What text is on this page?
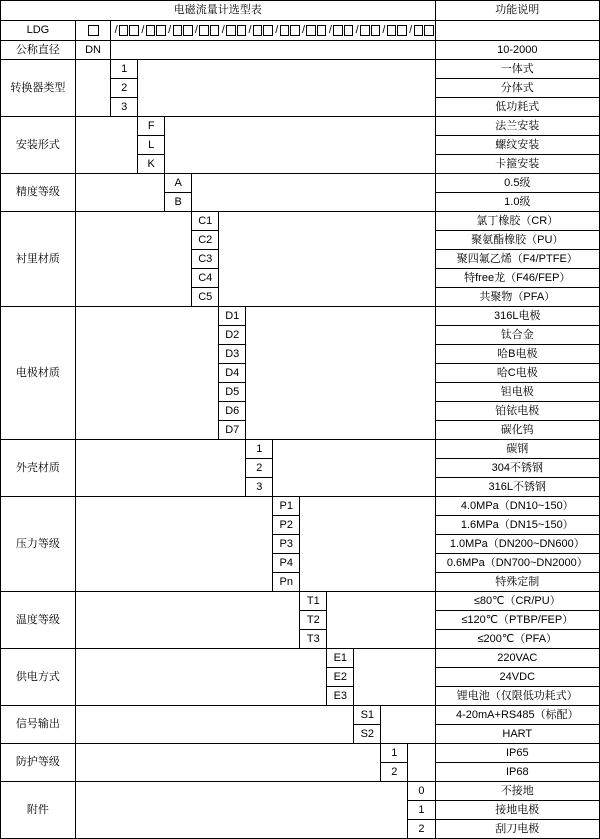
电磁流量计选型表														功能说明
LDG		/ / / / / / / / / / / /

公称直径	DN													10-2000
转换器类型		1												一体式
		2												分体式
		3												低功耗式
安装形式			F											法兰安装
			L											螺纹安装
			K											卡箍安装
精度等级				A										0.5级
				B										1.0级
衬里材质					C1									氯丁橡胶（CR）
					C2									聚氨酯橡胶（PU）
					C3									聚四氟乙烯（F4/PTFE）
					C4									特free龙（F46/FEP）
					C5									共聚物（PFA）
电极材质						D1								316L电极
						D2								钛合金
						D3								哈B电极
						D4								哈C电极
						D5								钽电极
						D6								铂铱电极
						D7								碳化钨
外壳材质							1							碳钢
							2							304不锈钢
							3							316L不锈钢
压力等级								P1						4.0MPa（DN10~150）
								P2						1.6MPa（DN15~150）
								P3						1.0MPa（DN200~DN600）
								P4						0.6MPa（DN700~DN2000）
								Pn						特殊定制
温度等级									T1					≤80℃（CR/PU）
									T2					≤120℃（PTBP/FEP）
									T3					≤200℃（PFA）
供电方式										E1				220VAC
										E2				24VDC
										E3				锂电池（仅限低功耗式）
信号输出											S1			4-20mA+RS485（标配）
											S2			HART
防护等级												1		IP65
												2		IP68
附件													0	不接地
													1	接地电极
													2	刮刀电极
